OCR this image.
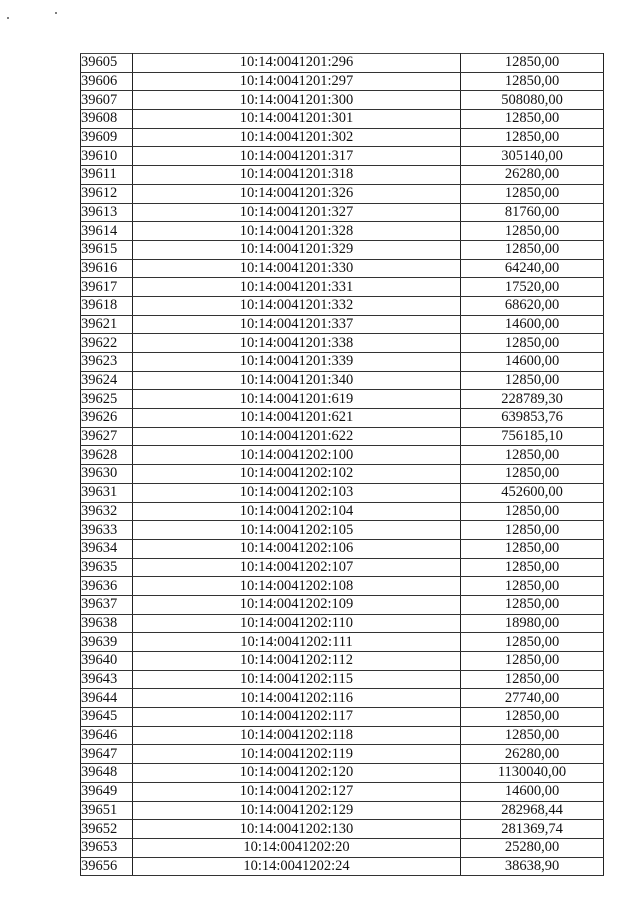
39605	10:14:0041201:296	12850,00
39606	10:14:0041201:297	12850,00
39607	10:14:0041201:300	508080,00
39608	10:14:0041201:301	12850,00
39609	10:14:0041201:302	12850,00
39610	10:14:0041201:317	305140,00
39611	10:14:0041201:318	26280,00
39612	10:14:0041201:326	12850,00
39613	10:14:0041201:327	81760,00
39614	10:14:0041201:328	12850,00
39615	10:14:0041201:329	12850,00
39616	10:14:0041201:330	64240,00
39617	10:14:0041201:331	17520,00
39618	10:14:0041201:332	68620,00
39621	10:14:0041201:337	14600,00
39622	10:14:0041201:338	12850,00
39623	10:14:0041201:339	14600,00
39624	10:14:0041201:340	12850,00
39625	10:14:0041201:619	228789,30
39626	10:14:0041201:621	639853,76
39627	10:14:0041201:622	756185,10
39628	10:14:0041202:100	12850,00
39630	10:14:0041202:102	12850,00
39631	10:14:0041202:103	452600,00
39632	10:14:0041202:104	12850,00
39633	10:14:0041202:105	12850,00
39634	10:14:0041202:106	12850,00
39635	10:14:0041202:107	12850,00
39636	10:14:0041202:108	12850,00
39637	10:14:0041202:109	12850,00
39638	10:14:0041202:110	18980,00
39639	10:14:0041202:111	12850,00
39640	10:14:0041202:112	12850,00
39643	10:14:0041202:115	12850,00
39644	10:14:0041202:116	27740,00
39645	10:14:0041202:117	12850,00
39646	10:14:0041202:118	12850,00
39647	10:14:0041202:119	26280,00
39648	10:14:0041202:120	1130040,00
39649	10:14:0041202:127	14600,00
39651	10:14:0041202:129	282968,44
39652	10:14:0041202:130	281369,74
39653	10:14:0041202:20	25280,00
39656	10:14:0041202:24	38638,90
